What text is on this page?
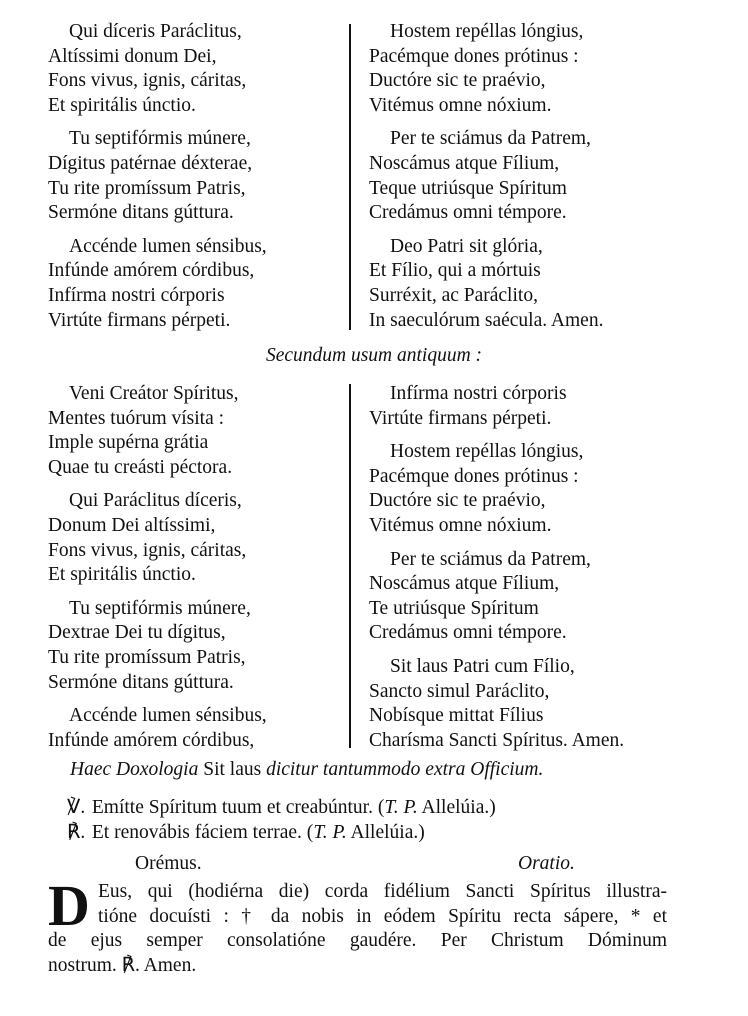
Qui díceris Paráclitus,
Altíssimi donum Dei,
Fons vivus, ignis, cáritas,
Et spiritális únctio.
Tu septifórmis múnere,
Dígitus patérnae déxterae,
Tu rite promíssum Patris,
Sermóne ditans gúttura.
Accénde lumen sénsibus,
Infúnde amórem córdibus,
Infírma nostri córporis
Virtúte firmans pérpeti.
Hostem repéllas lóngius,
Pacémque dones prótinus :
Ductóre sic te praévio,
Vitémus omne nóxium.
Per te sciámus da Patrem,
Noscámus atque Fílium,
Teque utriúsque Spíritum
Credámus omni témpore.
Deo Patri sit glória,
Et Fílio, qui a mórtuis
Surréxit, ac Paráclito,
In saeculórum saécula. Amen.
Secundum usum antiquum :
Veni Creátor Spíritus,
Mentes tuórum vísita :
Imple supérna grátia
Quae tu creásti péctora.
Qui Paráclitus díceris,
Donum Dei altíssimi,
Fons vivus, ignis, cáritas,
Et spiritális únctio.
Tu septifórmis múnere,
Dextrae Dei tu dígitus,
Tu rite promíssum Patris,
Sermóne ditans gúttura.
Accénde lumen sénsibus,
Infúnde amórem córdibus,
Infírma nostri córporis
Virtúte firmans pérpeti.
Hostem repéllas lóngius,
Pacémque dones prótinus :
Ductóre sic te praévio,
Vitémus omne nóxium.
Per te sciámus da Patrem,
Noscámus atque Fílium,
Te utriúsque Spíritum
Credámus omni témpore.
Sit laus Patri cum Fílio,
Sancto simul Paráclito,
Nobísque mittat Fílius
Charísma Sancti Spíritus. Amen.
Haec Doxologia Sit laus dicitur tantummodo extra Officium.
℣. Emítte Spíritum tuum et creabúntur. (T. P. Allelúia.)
℟. Et renovábis fáciem terrae. (T. P. Allelúia.)
Orémus.	Oratio.
D Eus, qui (hodiérna die) corda fidélium Sancti Spíritus illustra-
tióne docuísti : † da nobis in eódem Spíritu recta sápere, * et
de ejus semper consolatióne gaudére. Per Christum Dóminum
nostrum. ℟. Amen.
